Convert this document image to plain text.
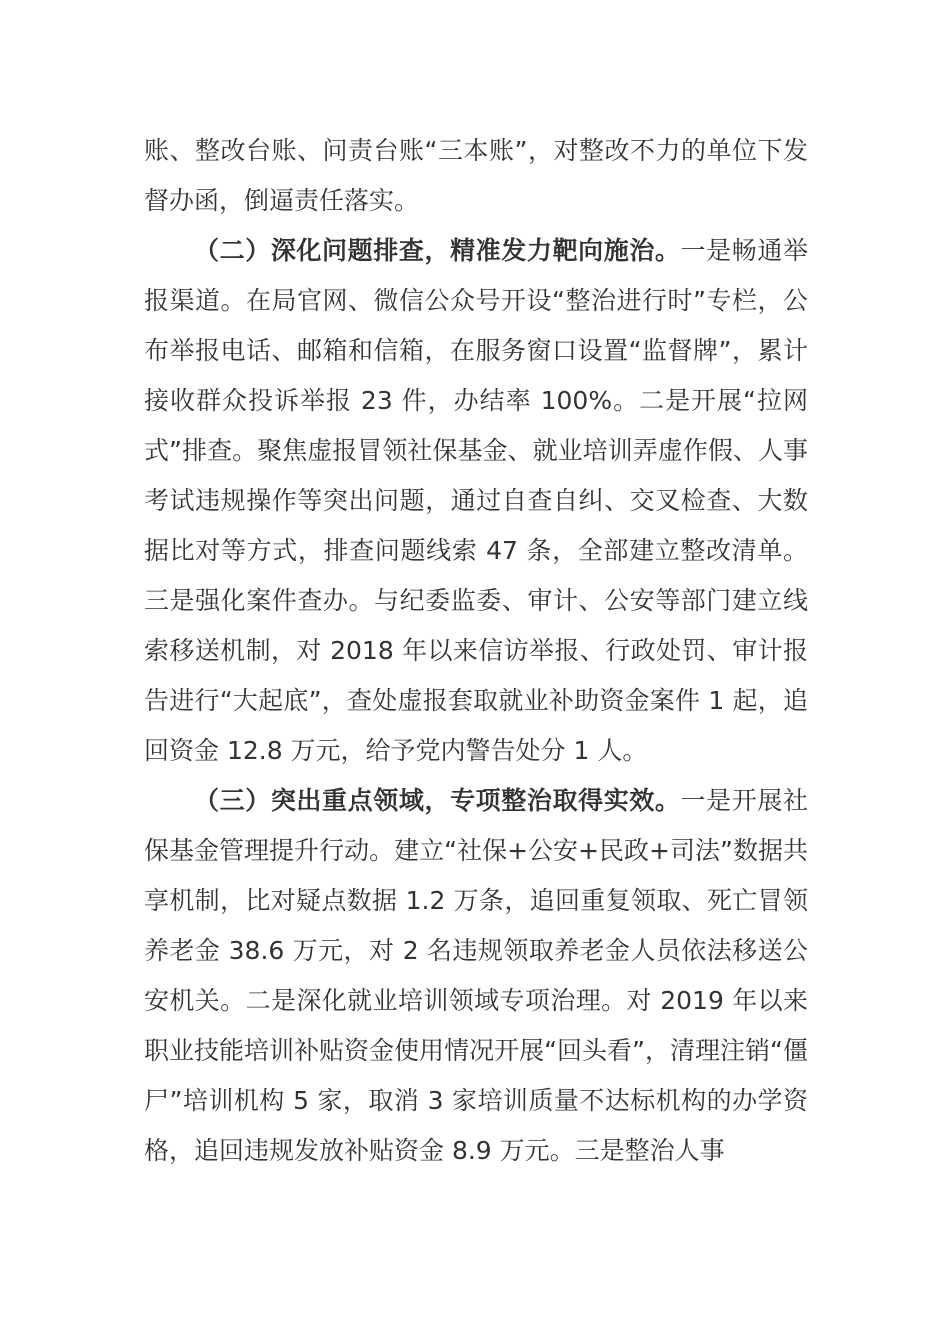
账、整改台账、问责台账“三本账”，对整改不力的单位下发督办函，倒逼责任落实。

（二）深化问题排查，精准发力靶向施治。一是畅通举报渠道。在局官网、微信公众号开设“整治进行时”专栏，公布举报电话、邮箱和信箱，在服务窗口设置“监督牌”，累计接收群众投诉举报 23 件，办结率 100%。二是开展“拉网式”排查。聚焦虚报冒领社保基金、就业培训弄虚作假、人事考试违规操作等突出问题，通过自查自纠、交叉检查、大数据比对等方式，排查问题线索 47 条，全部建立整改清单。三是强化案件查办。与纪委监委、审计、公安等部门建立线索移送机制，对 2018 年以来信访举报、行政处罚、审计报告进行“大起底”，查处虚报套取就业补助资金案件 1 起，追回资金 12.8 万元，给予党内警告处分 1 人。

（三）突出重点领域，专项整治取得实效。一是开展社保基金管理提升行动。建立“社保+公安+民政+司法”数据共享机制，比对疑点数据 1.2 万条，追回重复领取、死亡冒领养老金 38.6 万元，对 2 名违规领取养老金人员依法移送公安机关。二是深化就业培训领域专项治理。对 2019 年以来职业技能培训补贴资金使用情况开展“回头看”，清理注销“僵尸”培训机构 5 家，取消 3 家培训质量不达标机构的办学资格，追回违规发放补贴资金 8.9 万元。三是整治人事
